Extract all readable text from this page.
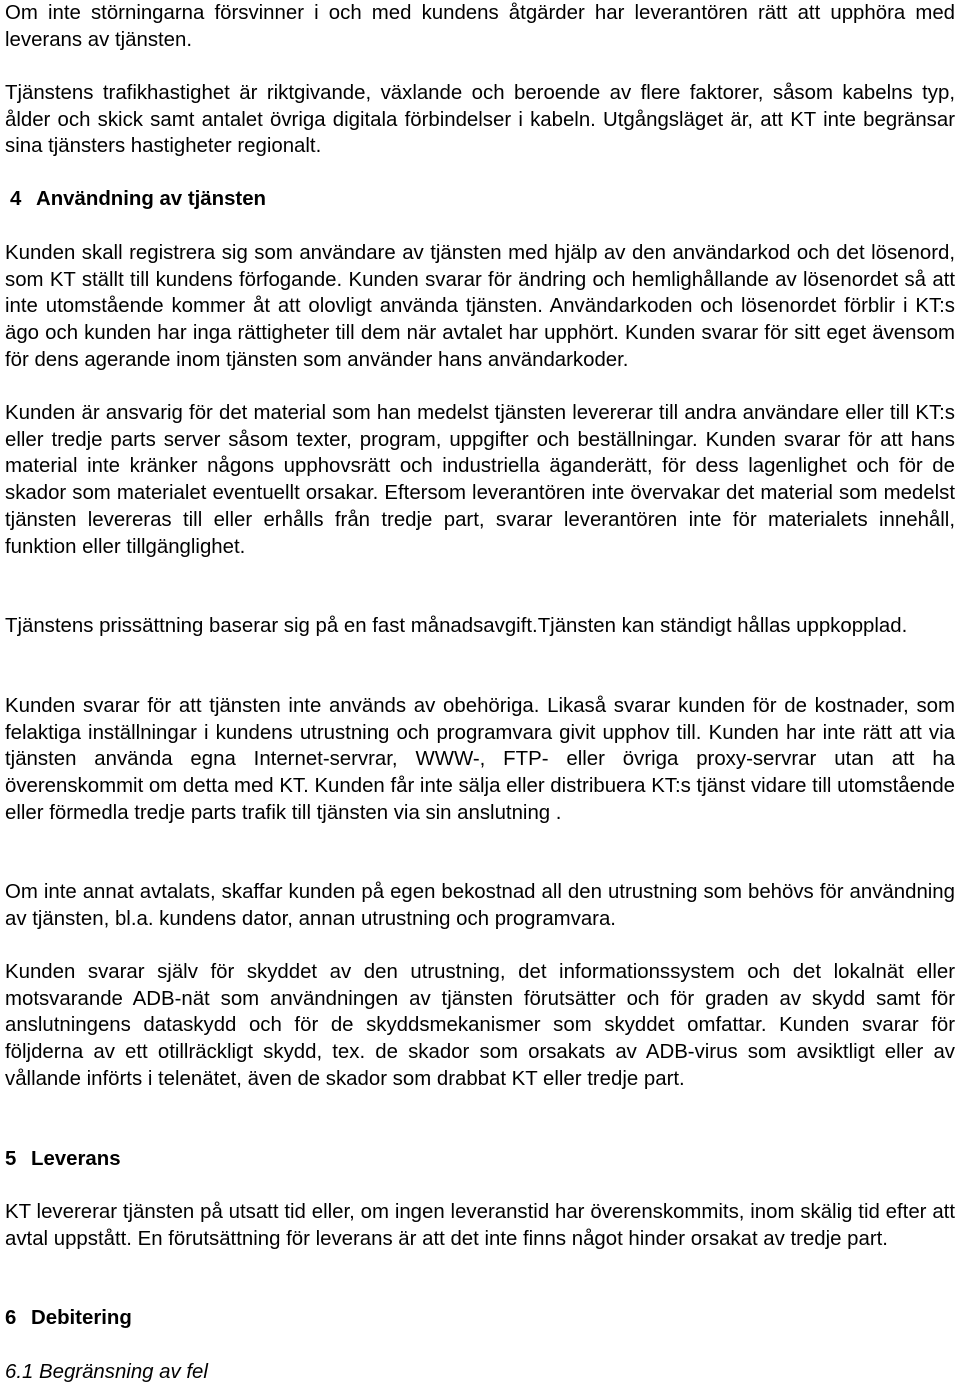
Om inte störningarna försvinner i och med kundens åtgärder har leverantören rätt att upphöra med leverans av tjänsten.

Tjänstens trafikhastighet är riktgivande, växlande och beroende av flere faktorer, såsom kabelns typ, ålder och skick samt antalet övriga digitala förbindelser i kabeln. Utgångsläget är, att KT inte begränsar sina tjänsters hastigheter regionalt.

4 Användning av tjänsten

Kunden skall registrera sig som användare av tjänsten med hjälp av den användarkod och det lösenord, som KT ställt till kundens förfogande. Kunden svarar för ändring och hemlighållande av lösenordet så att inte utomstående kommer åt att olovligt använda tjänsten. Användarkoden och lösenordet förblir i KT:s ägo och kunden har inga rättigheter till dem när avtalet har upphört. Kunden svarar för sitt eget ävensom för dens agerande inom tjänsten som använder hans användarkoder.

Kunden är ansvarig för det material som han medelst tjänsten levererar till andra användare eller till KT:s eller tredje parts server såsom texter, program, uppgifter och beställningar. Kunden svarar för att hans material inte kränker någons upphovsrätt och industriella äganderätt, för dess lagenlighet och för de skador som materialet eventuellt orsakar. Eftersom leverantören inte övervakar det material som medelst tjänsten levereras till eller erhålls från tredje part, svarar leverantören inte för materialets innehåll, funktion eller tillgänglighet.

Tjänstens prissättning baserar sig på en fast månadsavgift.Tjänsten kan ständigt hållas uppkopplad.

Kunden svarar för att tjänsten inte används av obehöriga. Likaså svarar kunden för de kostnader, som felaktiga inställningar i kundens utrustning och programvara givit upphov till. Kunden har inte rätt att via tjänsten använda egna Internet-servrar, WWW-, FTP- eller övriga proxy-servrar utan att ha överenskommit om detta med KT. Kunden får inte sälja eller distribuera KT:s tjänst vidare till utomstående eller förmedla tredje parts trafik till tjänsten via sin anslutning .

Om inte annat avtalats, skaffar kunden på egen bekostnad all den utrustning som behövs för användning av tjänsten, bl.a. kundens dator, annan utrustning och programvara.

Kunden svarar själv för skyddet av den utrustning, det informationssystem och det lokalnät eller motsvarande ADB-nät som användningen av tjänsten förutsätter och för graden av skydd samt för anslutningens dataskydd och för de skyddsmekanismer som skyddet omfattar. Kunden svarar för följderna av ett otillräckligt skydd, tex. de skador som orsakats av ADB-virus som avsiktligt eller av vållande införts i telenätet, även de skador som drabbat KT eller tredje part.

5 Leverans

KT levererar tjänsten på utsatt tid eller, om ingen leveranstid har överenskommits, inom skälig tid efter att avtal uppstått. En förutsättning för leverans är att det inte finns något hinder orsakat av tredje part.

6 Debitering

6.1 Begränsning av fel
